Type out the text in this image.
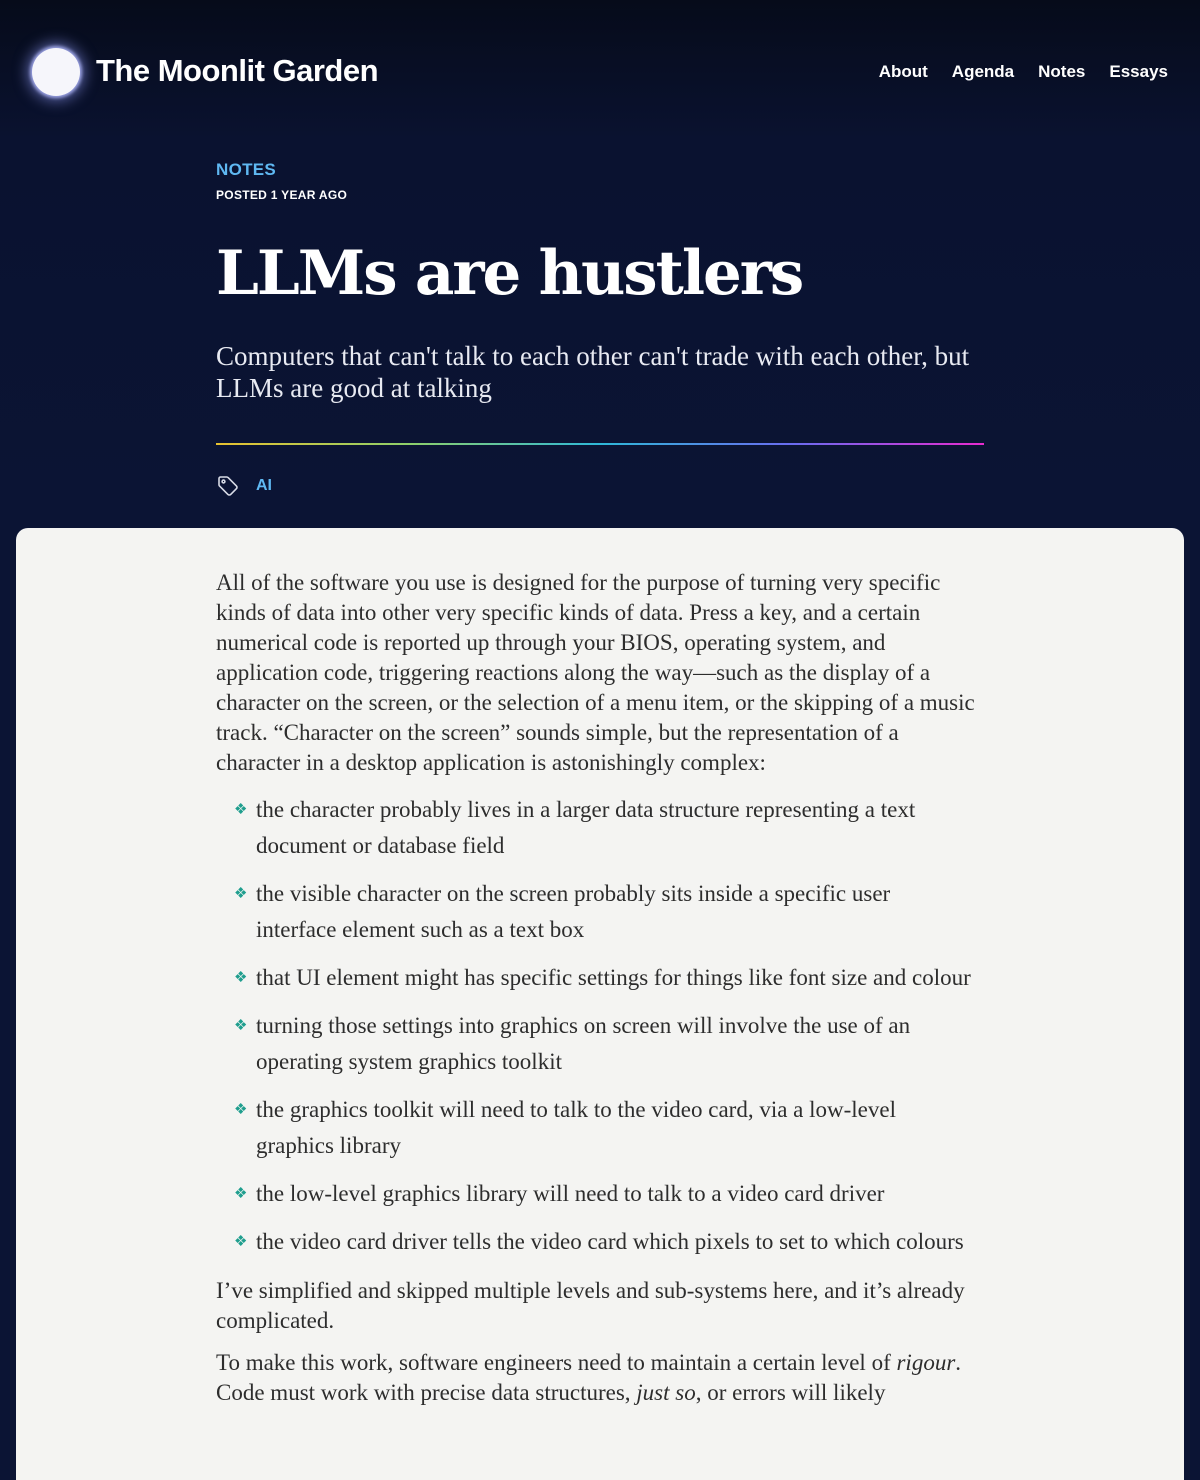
The Moonlit Garden	About Agenda Notes Essays
NOTES
POSTED 1 YEAR AGO
LLMs are hustlers

Computers that can't talk to each other can't trade with each other, but LLMs are good at talking

AI

All of the software you use is designed for the purpose of turning very specific kinds of data into other very specific kinds of data. Press a key, and a certain numerical code is reported up through your BIOS, operating system, and application code, triggering reactions along the way—such as the display of a character on the screen, or the selection of a menu item, or the skipping of a music track. “Character on the screen” sounds simple, but the representation of a character in a desktop application is astonishingly complex:

❖ the character probably lives in a larger data structure representing a text document or database field
❖ the visible character on the screen probably sits inside a specific user interface element such as a text box
❖ that UI element might has specific settings for things like font size and colour
❖ turning those settings into graphics on screen will involve the use of an operating system graphics toolkit
❖ the graphics toolkit will need to talk to the video card, via a low-level graphics library
❖ the low-level graphics library will need to talk to a video card driver
❖ the video card driver tells the video card which pixels to set to which colours

I’ve simplified and skipped multiple levels and sub-systems here, and it’s already complicated.

To make this work, software engineers need to maintain a certain level of rigour. Code must work with precise data structures, just so, or errors will likely
